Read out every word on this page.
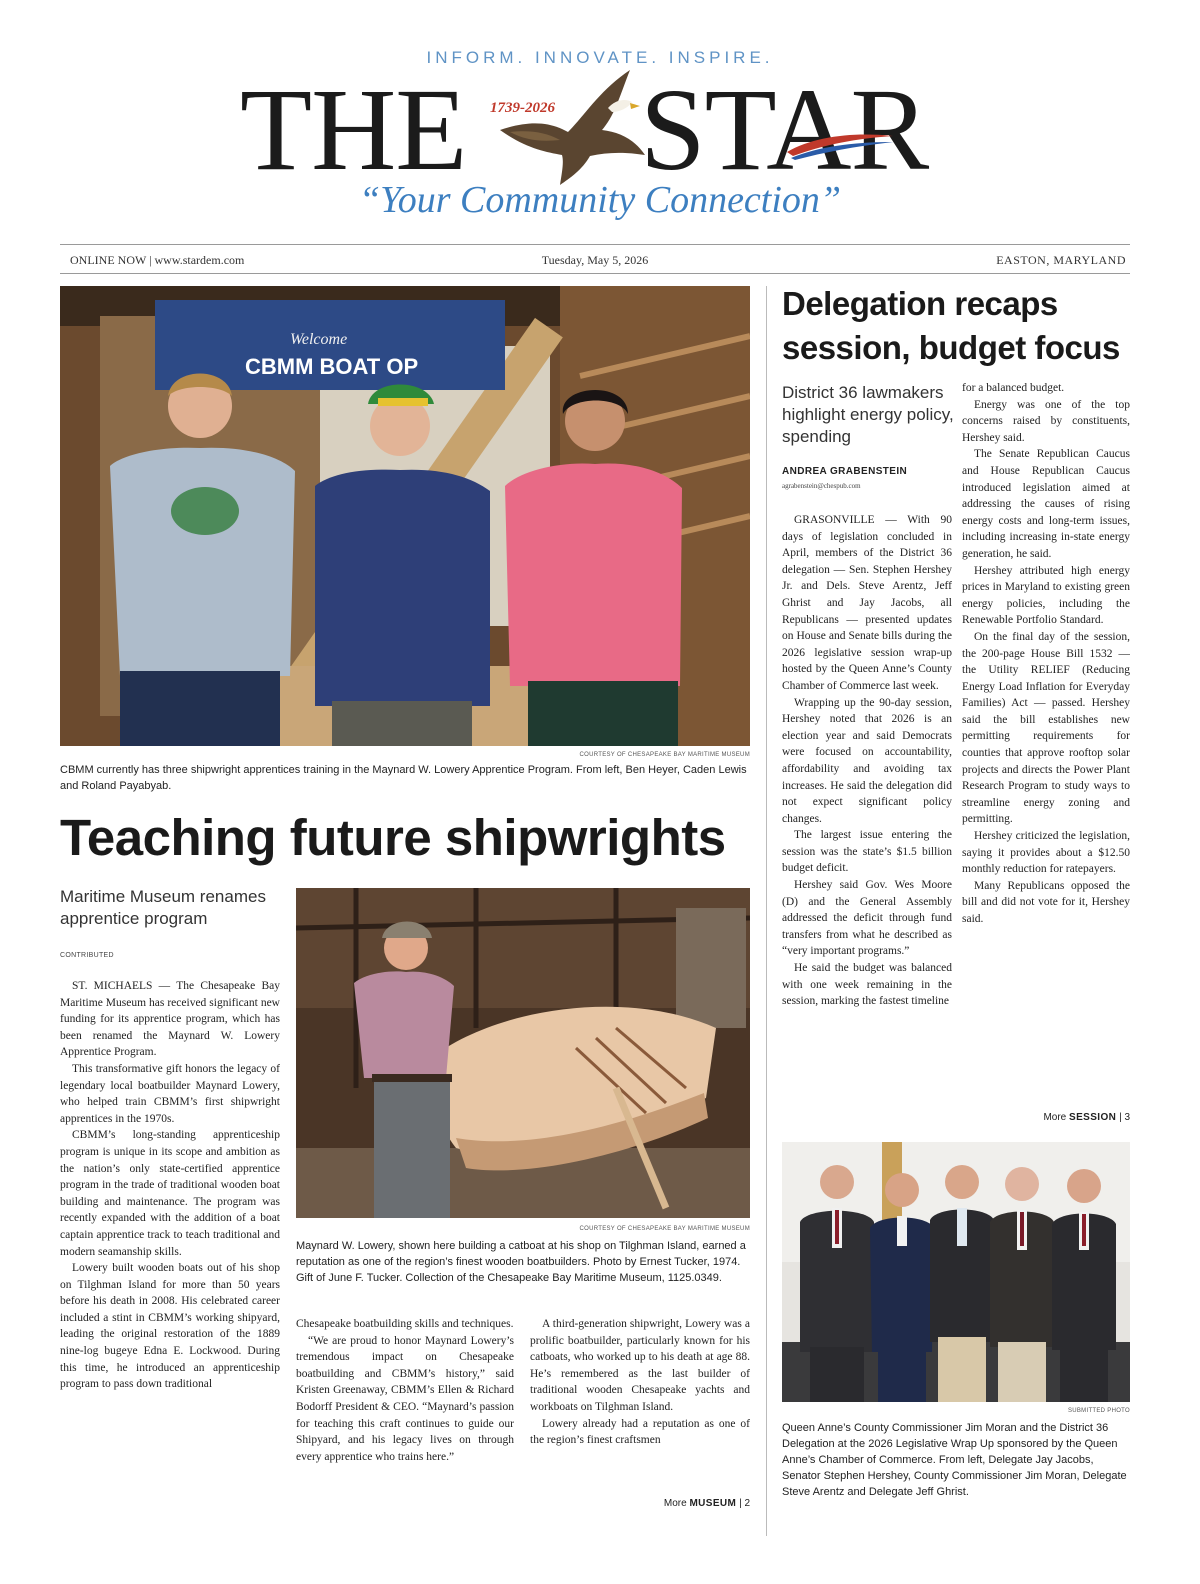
INFORM. INNOVATE. INSPIRE.
THE 1739-2026 STAR
“Your Community Connection”
ONLINE NOW | www.stardem.com	Tuesday, May 5, 2026	EASTON, MARYLAND
Welcome
CBMM BOAT OP
COURTESY OF CHESAPEAKE BAY MARITIME MUSEUM
CBMM currently has three shipwright apprentices training in the Maynard W. Lowery Apprentice Program. From left, Ben Heyer, Caden Lewis and Roland Payabyab.
Teaching future shipwrights
Maritime Museum renames apprentice program
CONTRIBUTED

ST. MICHAELS — The Chesapeake Bay Maritime Museum has received significant new funding for its apprentice program, which has been renamed the Maynard W. Lowery Apprentice Program.

This transformative gift honors the legacy of legendary local boatbuilder Maynard Lowery, who helped train CBMM’s first shipwright apprentices in the 1970s.

CBMM’s long-standing apprenticeship program is unique in its scope and ambition as the nation’s only state-certified apprentice program in the trade of traditional wooden boat building and maintenance. The program was recently expanded with the addition of a boat captain apprentice track to teach traditional and modern seamanship skills.

Lowery built wooden boats out of his shop on Tilghman Island for more than 50 years before his death in 2008. His celebrated career included a stint in CBMM’s working shipyard, leading the original restoration of the 1889 nine-log bugeye Edna E. Lockwood. During this time, he introduced an apprenticeship program to pass down traditional

COURTESY OF CHESAPEAKE BAY MARITIME MUSEUM
Maynard W. Lowery, shown here building a catboat at his shop on Tilghman Island, earned a reputation as one of the region’s finest wooden boatbuilders. Photo by Ernest Tucker, 1974. Gift of June F. Tucker. Collection of the Chesapeake Bay Maritime Museum, 1125.0349.

Chesapeake boatbuilding skills and techniques.

“We are proud to honor Maynard Lowery’s tremendous impact on Chesapeake boatbuilding and CBMM’s history,” said Kristen Greenaway, CBMM’s Ellen & Richard Bodorff President & CEO. “Maynard’s passion for teaching this craft continues to guide our Shipyard, and his legacy lives on through every apprentice who trains here.”

A third-generation shipwright, Lowery was a prolific boatbuilder, particularly known for his catboats, who worked up to his death at age 88. He’s remembered as the last builder of traditional wooden Chesapeake yachts and workboats on Tilghman Island.

Lowery already had a reputation as one of the region’s finest craftsmen

More MUSEUM | 2
Delegation recaps session, budget focus
District 36 lawmakers highlight energy policy, spending
ANDREA GRABENSTEIN
agrabenstein@chespub.com

GRASONVILLE — With 90 days of legislation concluded in April, members of the District 36 delegation — Sen. Stephen Hershey Jr. and Dels. Steve Arentz, Jeff Ghrist and Jay Jacobs, all Republicans — presented updates on House and Senate bills during the 2026 legislative session wrap-up hosted by the Queen Anne’s County Chamber of Commerce last week.

Wrapping up the 90-day session, Hershey noted that 2026 is an election year and said Democrats were focused on accountability, affordability and avoiding tax increases. He said the delegation did not expect significant policy changes.

The largest issue entering the session was the state’s $1.5 billion budget deficit.

Hershey said Gov. Wes Moore (D) and the General Assembly addressed the deficit through fund transfers from what he described as “very important programs.”

He said the budget was balanced with one week remaining in the session, marking the fastest timeline

for a balanced budget.

Energy was one of the top concerns raised by constituents, Hershey said.

The Senate Republican Caucus and House Republican Caucus introduced legislation aimed at addressing the causes of rising energy costs and long-term issues, including increasing in-state energy generation, he said.

Hershey attributed high energy prices in Maryland to existing green energy policies, including the Renewable Portfolio Standard.

On the final day of the session, the 200-page House Bill 1532 — the Utility RELIEF (Reducing Energy Load Inflation for Everyday Families) Act — passed. Hershey said the bill establishes new permitting requirements for counties that approve rooftop solar projects and directs the Power Plant Research Program to study ways to streamline energy zoning and permitting.

Hershey criticized the legislation, saying it provides about a $12.50 monthly reduction for ratepayers.

Many Republicans opposed the bill and did not vote for it, Hershey said.

More SESSION | 3
SUBMITTED PHOTO
Queen Anne’s County Commissioner Jim Moran and the District 36 Delegation at the 2026 Legislative Wrap Up sponsored by the Queen Anne’s Chamber of Commerce. From left, Delegate Jay Jacobs, Senator Stephen Hershey, County Commissioner Jim Moran, Delegate Steve Arentz and Delegate Jeff Ghrist.
